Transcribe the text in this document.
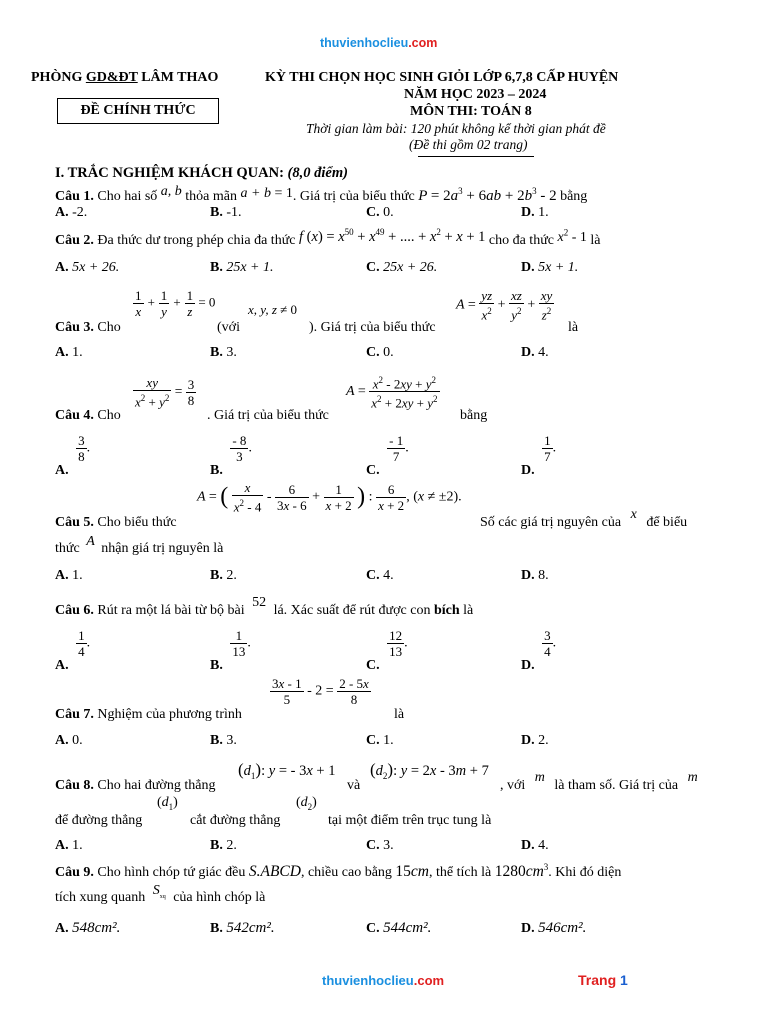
thuvienhoclieu.com
PHÒNG GD&ĐT LÂM THAO
ĐỀ CHÍNH THỨC
KỲ THI CHỌN HỌC SINH GIỎI LỚP 6,7,8 CẤP HUYỆN
NĂM HỌC 2023 – 2024
MÔN THI: TOÁN 8
Thời gian làm bài: 120 phút không kể thời gian phát đề
(Đề thi gồm 02 trang)
I. TRẮC NGHIỆM KHÁCH QUAN: (8,0 điểm)
Câu 1. Cho hai số a, b thỏa mãn a + b = 1. Giá trị của biểu thức $P = 2a^3 + 6ab + 2b^3 - 2$ bằng
A. -2.	B. -1.	C. 0.	D. 1.
Câu 2. Đa thức dư trong phép chia đa thức f $(x) = x^{50} + x^{49}$ + .... + $x^2 + x + 1$ cho đa thức $x^2 - 1$ là
A. 5x + 26.	B. 25x + 1.	C. 25x + 26.	D. 5x + 1.
$\frac{1}{x} + \frac{1}{y} + \frac{1}{z} = 0$
x, y, z ≠ 0	$A = \frac{yz}{x^2} + \frac{xz}{y^2} + \frac{xy}{z^2}$
Câu 3. Cho	(với	). Giá trị của biểu thức	là
A. 1.	B. 3.	C. 0.	D. 4.
$\frac{xy}{x^2 + y^2} = \frac{3}{8}$	$A = \frac{x^2 - 2xy + y^2}{x^2 + 2xy + y^2}$
Câu 4. Cho	. Giá trị của biểu thức	bằng
A.
$\frac{3}{8}$ .
B.
$\frac{- 8}{3}$ .
C.
$\frac{- 1}{7}$ .
D.
$\frac{1}{7}$ .
A = ( $\frac{x}{x^2 - 4} - \frac{6}{3x - 6} + \frac{1}{x + 2}$ ) : $\frac{6}{x + 2}$ , (x ≠ ±2).
Câu 5. Cho biểu thức	Số các giá trị nguyên của x để biểu
thức A nhận giá trị nguyên là
A. 1.	B. 2.	C. 4.	D. 8.
Câu 6. Rút ra một lá bài từ bộ bài 52 lá. Xác suất để rút được con bích là
A.
$\frac{1}{4}$ .
B.
$\frac{1}{13}$ .
C.
$\frac{12}{13}$ .
D.
$\frac{3}{4}$ .
$\frac{3x - 1}{5} - 2 = \frac{2 - 5x}{8}$
Câu 7. Nghiệm của phương trình	là
A. 0.	B. 3.	C. 1.	D. 2.
$(d_1)$: y = - 3x + 1 $(d_2)$: y = 2x - 3m + 7
Câu 8. Cho hai đường thẳng	và	, với m là tham số. Giá trị của m
$(d_1)$	$(d_2)$
để đường thẳng	cắt đường thẳng	tại một điểm trên trục tung là
A. 1.	B. 2.	C. 3.	D. 4.
Câu 9. Cho hình chóp tứ giác đều S.ABCD, chiều cao bằng 15cm, thể tích là $1280cm^3$. Khi đó diện
tích xung quanh $S_{xq}$ của hình chóp là
A. 548cm².	B. 542cm².	C. 544cm².	D. 546cm².
thuvienhoclieu.com	Trang 1
